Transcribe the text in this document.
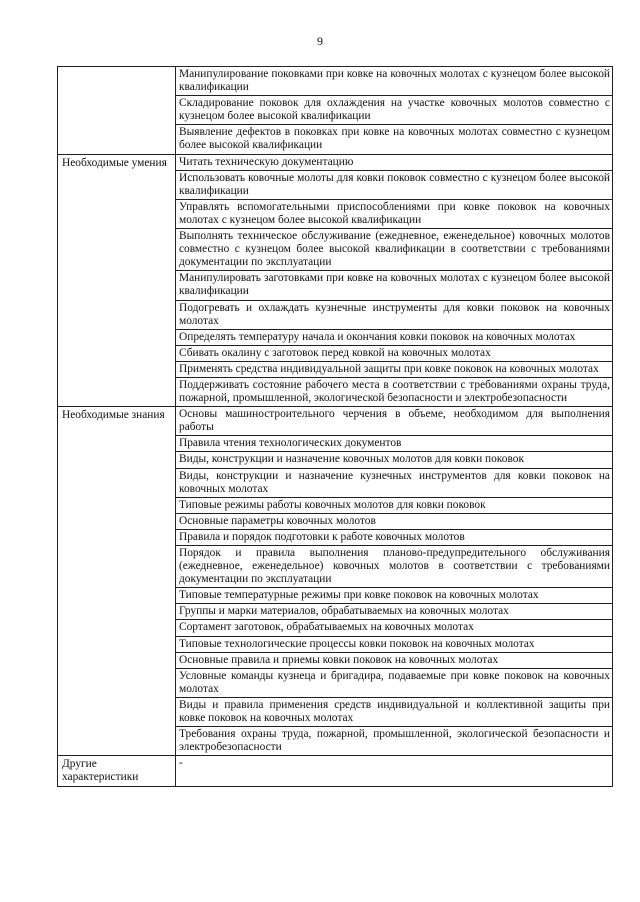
9
	Манипулирование поковками при ковке на ковочных молотах с кузнецом более высокой квалификации
	Складирование поковок для охлаждения на участке ковочных молотов совместно с кузнецом более высокой квалификации
	Выявление дефектов в поковках при ковке на ковочных молотах совместно с кузнецом более высокой квалификации
Необходимые умения	Читать техническую документацию
	Использовать ковочные молоты для ковки поковок совместно с кузнецом более высокой квалификации
	Управлять вспомогательными приспособлениями при ковке поковок на ковочных молотах с кузнецом более высокой квалификации
	Выполнять техническое обслуживание (ежедневное, еженедельное) ковочных молотов совместно с кузнецом более высокой квалификации в соответствии с требованиями документации по эксплуатации
	Манипулировать заготовками при ковке на ковочных молотах с кузнецом более высокой квалификации
	Подогревать и охлаждать кузнечные инструменты для ковки поковок на ковочных молотах
	Определять температуру начала и окончания ковки поковок на ковочных молотах
	Сбивать окалину с заготовок перед ковкой на ковочных молотах
	Применять средства индивидуальной защиты при ковке поковок на ковочных молотах
	Поддерживать состояние рабочего места в соответствии с требованиями охраны труда, пожарной, промышленной, экологической безопасности и электробезопасности
Необходимые знания	Основы машиностроительного черчения в объеме, необходимом для выполнения работы
	Правила чтения технологических документов
	Виды, конструкции и назначение ковочных молотов для ковки поковок
	Виды, конструкции и назначение кузнечных инструментов для ковки поковок на ковочных молотах
	Типовые режимы работы ковочных молотов для ковки поковок
	Основные параметры ковочных молотов
	Правила и порядок подготовки к работе ковочных молотов
	Порядок и правила выполнения планово-предупредительного обслуживания (ежедневное, еженедельное) ковочных молотов в соответствии с требованиями документации по эксплуатации
	Типовые температурные режимы при ковке поковок на ковочных молотах
	Группы и марки материалов, обрабатываемых на ковочных молотах
	Сортамент заготовок, обрабатываемых на ковочных молотах
	Типовые технологические процессы ковки поковок на ковочных молотах
	Основные правила и приемы ковки поковок на ковочных молотах
	Условные команды кузнеца и бригадира, подаваемые при ковке поковок на ковочных молотах
	Виды и правила применения средств индивидуальной и коллективной защиты при ковке поковок на ковочных молотах
	Требования охраны труда, пожарной, промышленной, экологической безопасности и электробезопасности
Другие характеристики	-
